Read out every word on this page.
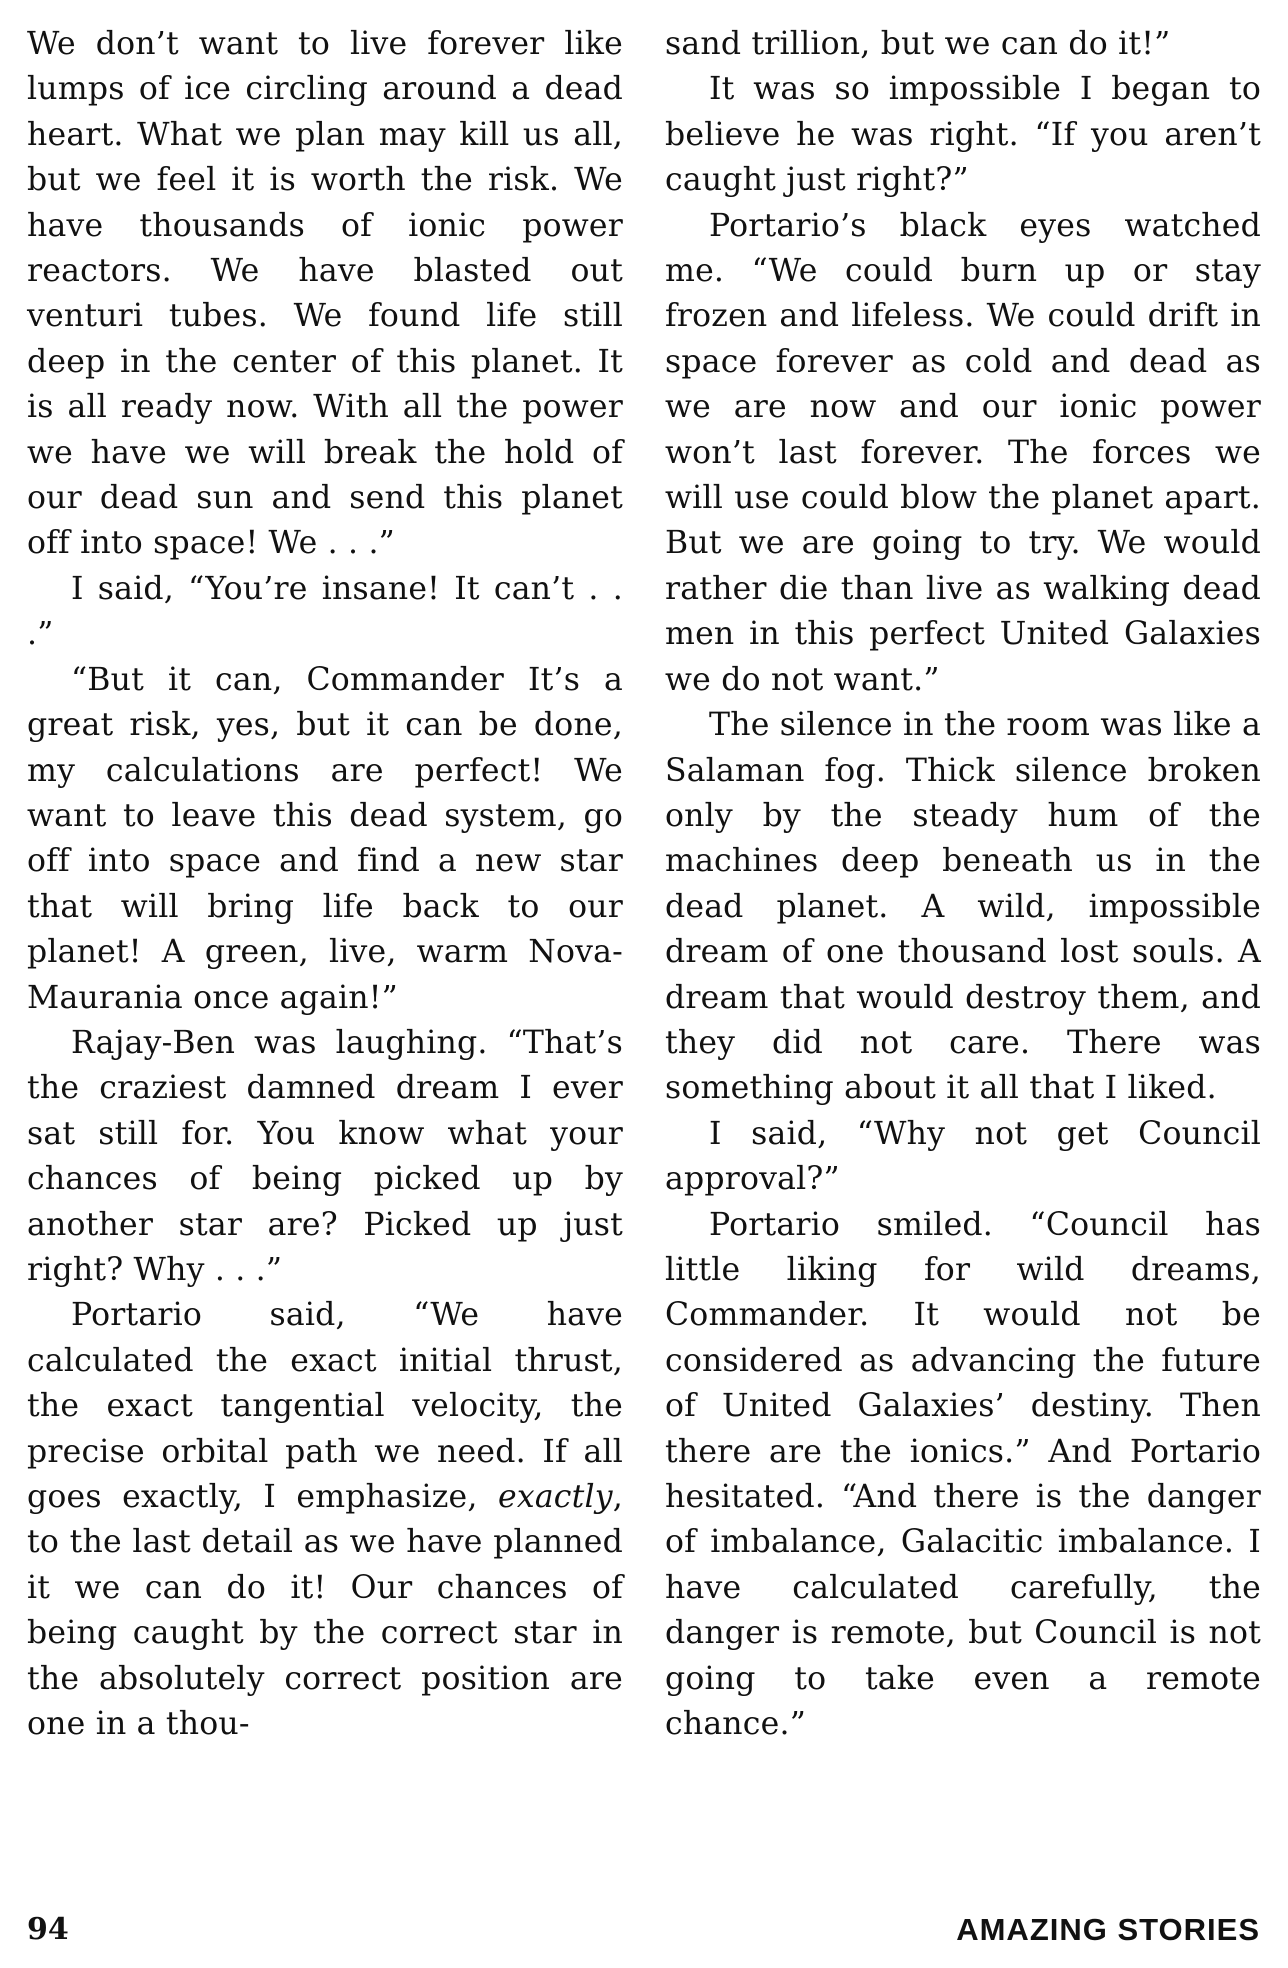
We don’t want to live forever like lumps of ice circling around a dead heart. What we plan may kill us all, but we feel it is worth the risk. We have thousands of ionic power reactors. We have blasted out venturi tubes. We found life still deep in the center of this planet. It is all ready now. With all the power we have we will break the hold of our dead sun and send this planet off into space! We . . .”

I said, “You’re insane! It can’t . . .”

“But it can, Commander It’s a great risk, yes, but it can be done, my calculations are perfect! We want to leave this dead system, go off into space and find a new star that will bring life back to our planet! A green, live, warm Nova-Maurania once again!”

Rajay-Ben was laughing. “That’s the craziest damned dream I ever sat still for. You know what your chances of being picked up by another star are? Picked up just right? Why . . .”

Portario said, “We have calculated the exact initial thrust, the exact tangential velocity, the precise orbital path we need. If all goes exactly, I emphasize, exactly, to the last detail as we have planned it we can do it! Our chances of being caught by the correct star in the absolutely correct position are one in a thou-

sand trillion, but we can do it!”

It was so impossible I began to believe he was right. “If you aren’t caught just right?”

Portario’s black eyes watched me. “We could burn up or stay frozen and lifeless. We could drift in space forever as cold and dead as we are now and our ionic power won’t last forever. The forces we will use could blow the planet apart. But we are going to try. We would rather die than live as walking dead men in this perfect United Galaxies we do not want.”

The silence in the room was like a Salaman fog. Thick silence broken only by the steady hum of the machines deep beneath us in the dead planet. A wild, impossible dream of one thousand lost souls. A dream that would destroy them, and they did not care. There was something about it all that I liked.

I said, “Why not get Council approval?”

Portario smiled. “Council has little liking for wild dreams, Commander. It would not be considered as advancing the future of United Galaxies’ destiny. Then there are the ionics.” And Portario hesitated. “And there is the danger of imbalance, Galacitic imbalance. I have calculated carefully, the danger is remote, but Council is not going to take even a remote chance.”

94	AMAZING STORIES
